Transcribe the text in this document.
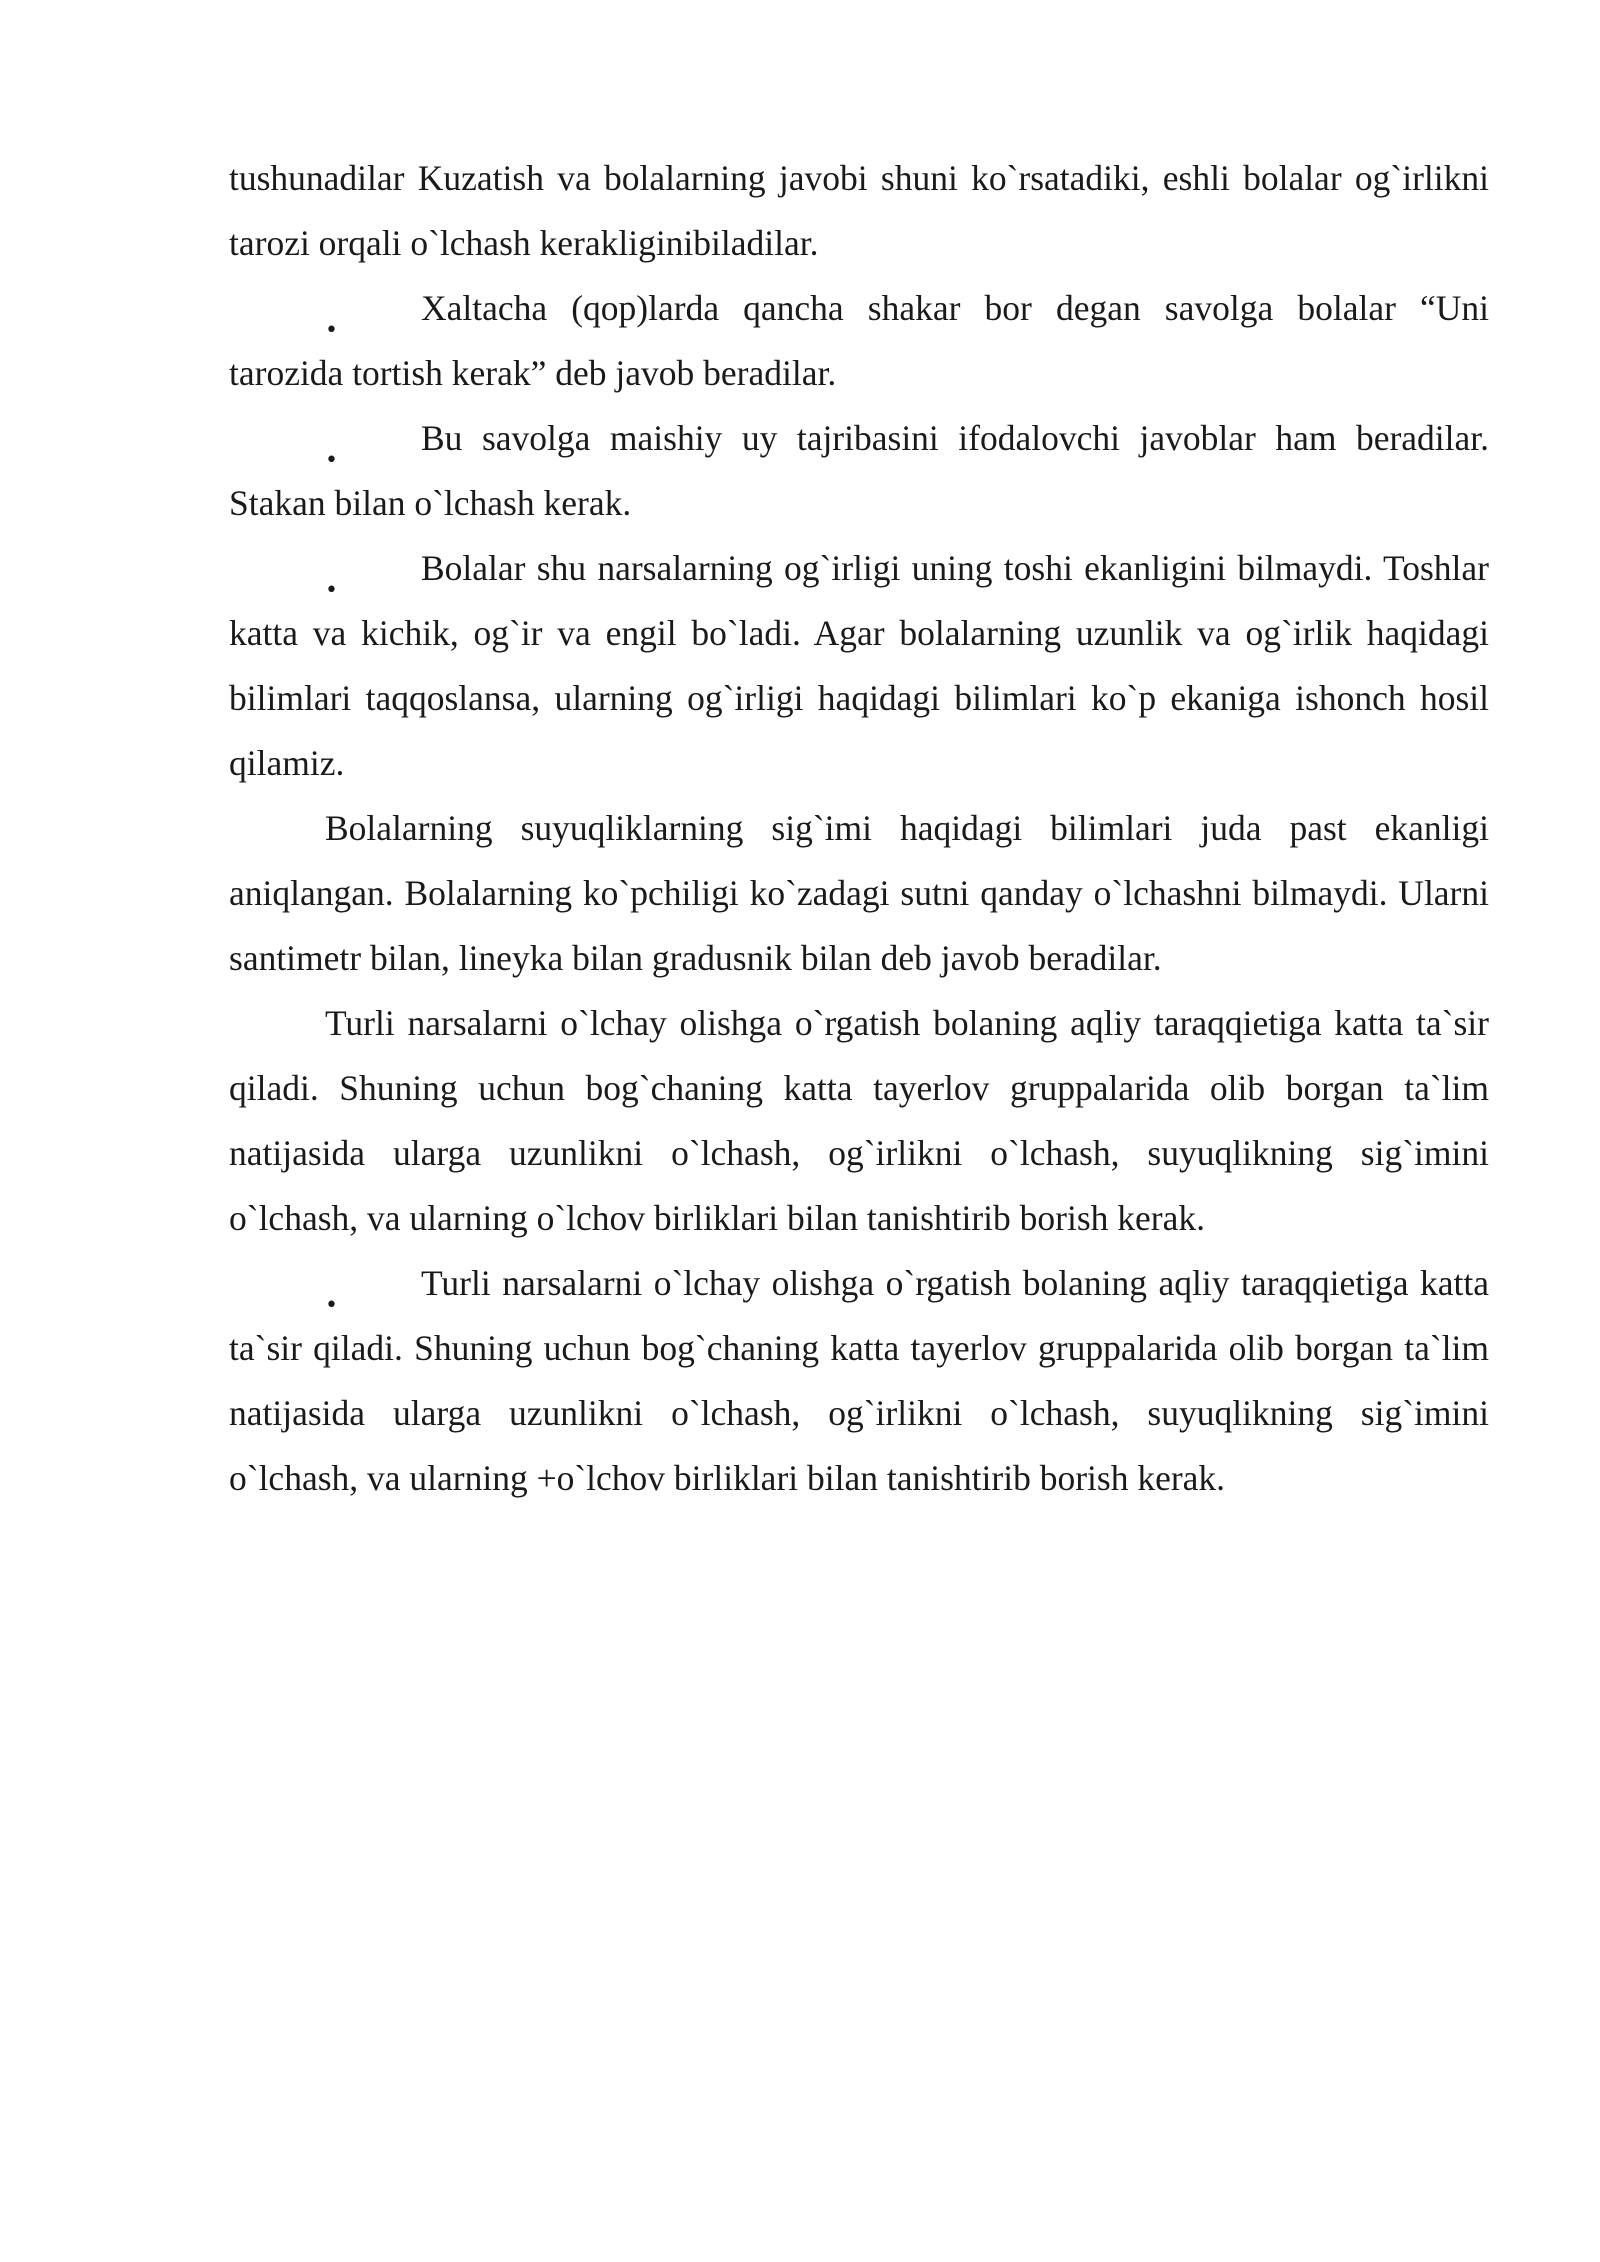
tushunadilar Kuzatish va bolalarning javobi shuni ko`rsatadiki, eshli bolalar og`irlikni tarozi orqali o`lchash kerakliginibiladilar.

•
Xaltacha (qop)larda qancha shakar bor degan savolga bolalar “Uni tarozida tortish kerak” deb javob beradilar.

•
Bu savolga maishiy uy tajribasini ifodalovchi javoblar ham beradilar. Stakan bilan o`lchash kerak.

•
Bolalar shu narsalarning og`irligi uning toshi ekanligini bilmaydi. Toshlar katta va kichik, og`ir va engil bo`ladi. Agar bolalarning uzunlik va og`irlik haqidagi bilimlari taqqoslansa, ularning og`irligi haqidagi bilimlari ko`p ekaniga ishonch hosil qilamiz.

Bolalarning suyuqliklarning sig`imi haqidagi bilimlari juda past ekanligi aniqlangan. Bolalarning ko`pchiligi ko`zadagi sutni qanday o`lchashni bilmaydi. Ularni santimetr bilan, lineyka bilan gradusnik bilan deb javob beradilar.

Turli narsalarni o`lchay olishga o`rgatish bolaning aqliy taraqqietiga katta ta`sir qiladi. Shuning uchun bog`chaning katta tayerlov gruppalarida olib borgan ta`lim natijasida ularga uzunlikni o`lchash, og`irlikni o`lchash, suyuqlikning sig`imini o`lchash, va ularning o`lchov birliklari bilan tanishtirib borish kerak.

•
Turli narsalarni o`lchay olishga o`rgatish bolaning aqliy taraqqietiga katta ta`sir qiladi. Shuning uchun bog`chaning katta tayerlov gruppalarida olib borgan ta`lim natijasida ularga uzunlikni o`lchash, og`irlikni o`lchash, suyuqlikning sig`imini o`lchash, va ularning +o`lchov birliklari bilan tanishtirib borish kerak.
